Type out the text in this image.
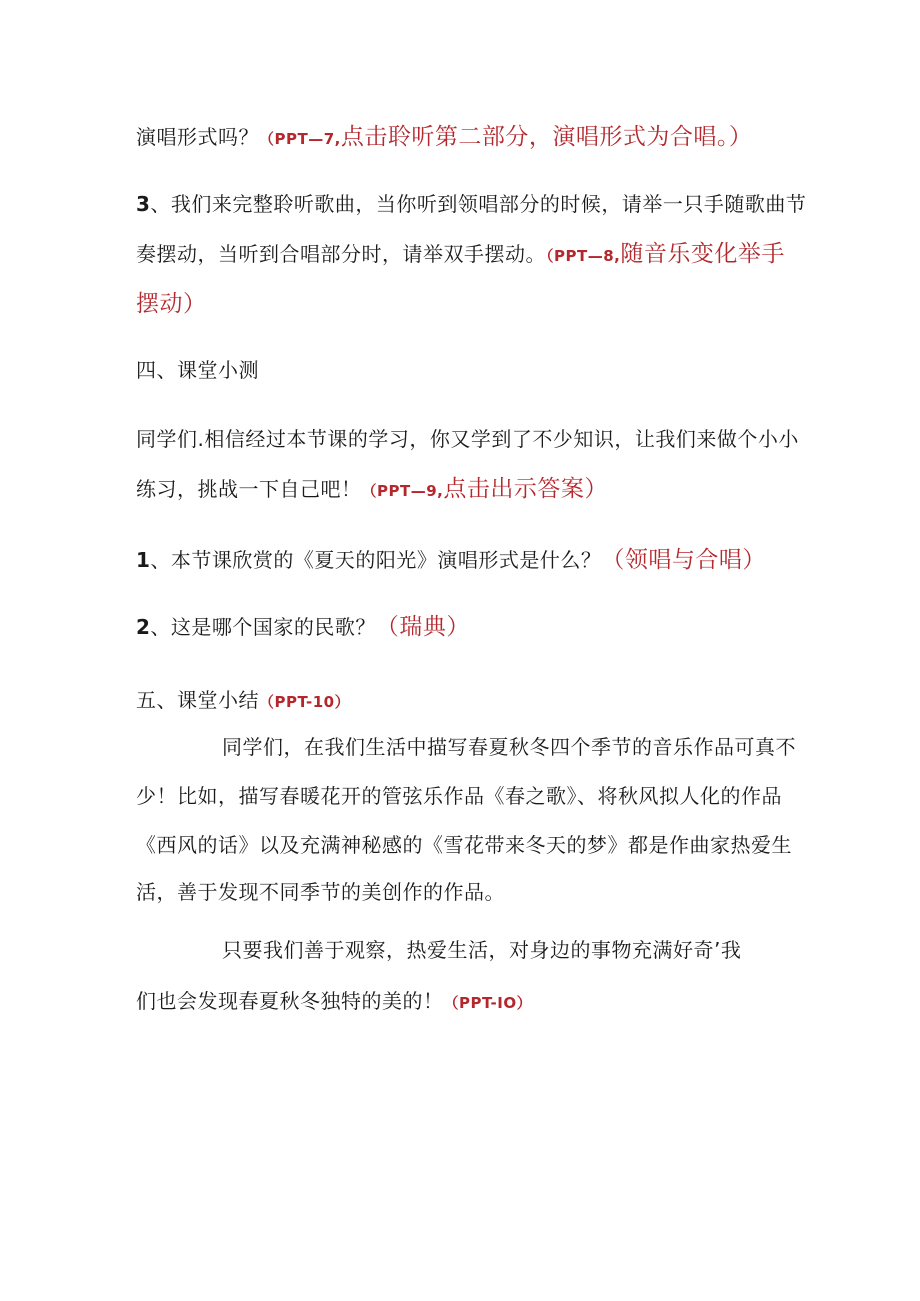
演唱形式吗？（PPT—7,点击聆听第二部分，演唱形式为合唱。）
3、我们来完整聆听歌曲，当你听到领唱部分的时候，请举一只手随歌曲节
奏摆动，当听到合唱部分时，请举双手摆动。（PPT—8,随音乐变化举手
摆动）
四、课堂小测
同学们.相信经过本节课的学习，你又学到了不少知识，让我们来做个小小
练习，挑战一下自己吧！（PPT—9,点击出示答案）
1、本节课欣赏的《夏天的阳光》演唱形式是什么？（领唱与合唱）
2、这是哪个国家的民歌？（瑞典）
五、课堂小结（PPT-10）
同学们，在我们生活中描写春夏秋冬四个季节的音乐作品可真不
少！比如，描写春暖花开的管弦乐作品《春之歌》、将秋风拟人化的作品
《西风的话》以及充满神秘感的《雪花带来冬天的梦》都是作曲家热爱生
活，善于发现不同季节的美创作的作品。
只要我们善于观察，热爱生活，对身边的事物充满好奇’我
们也会发现春夏秋冬独特的美的！（PPT-IO）
